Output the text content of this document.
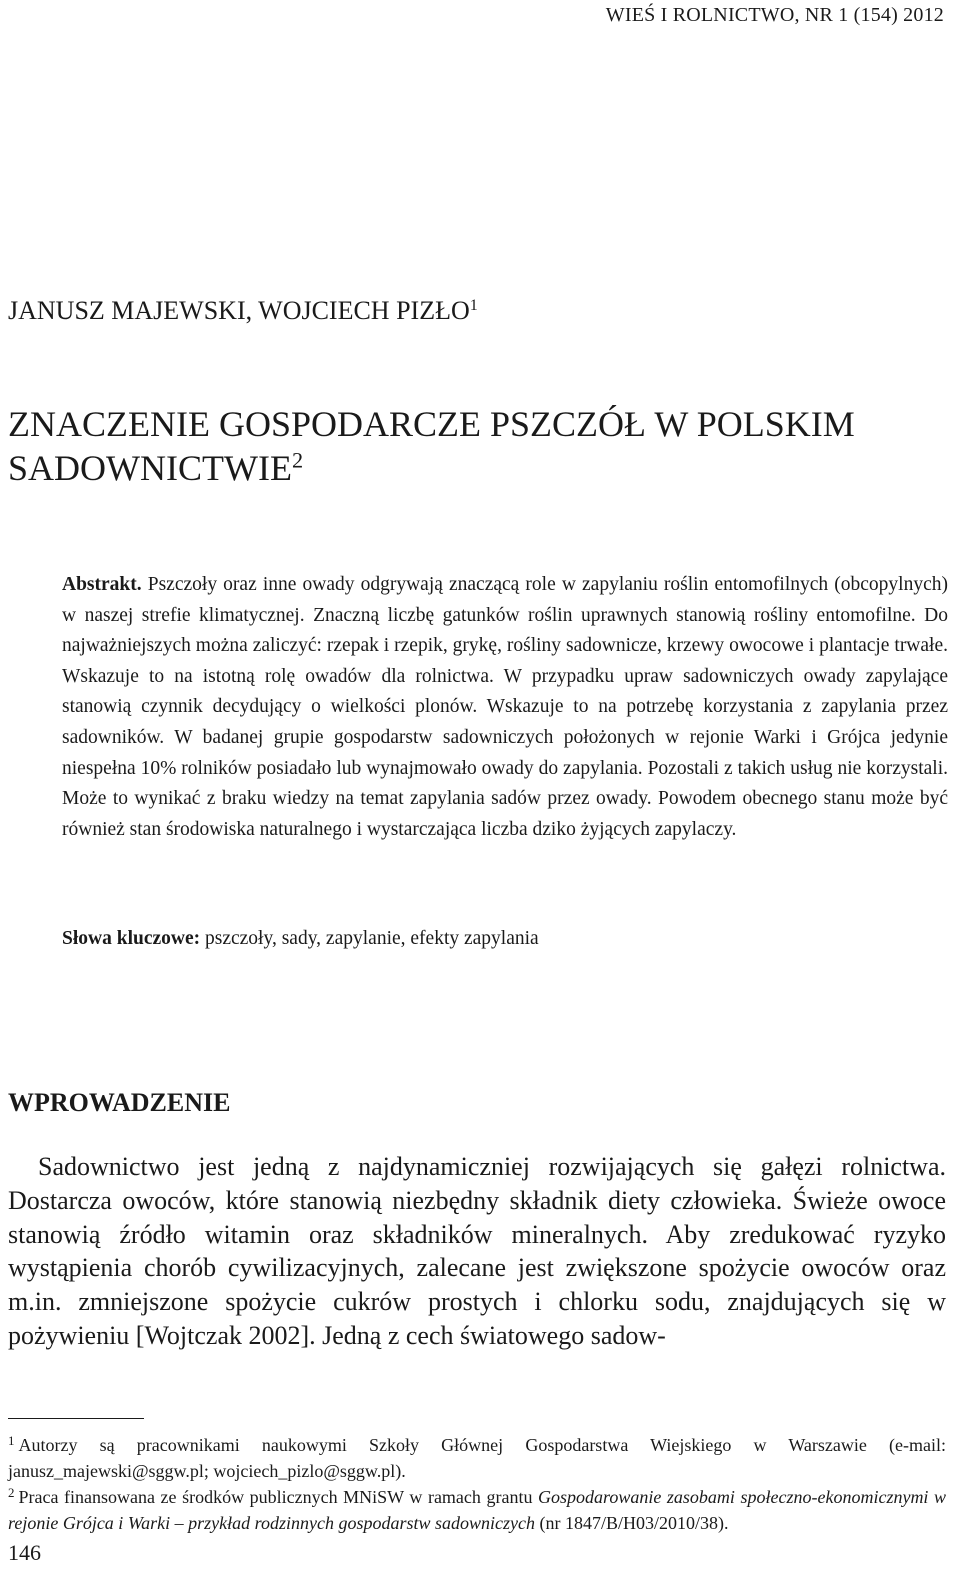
WIEŚ I ROLNICTWO, NR 1 (154) 2012
JANUSZ MAJEWSKI, WOJCIECH PIZŁO$^1$
ZNACZENIE GOSPODARCZE PSZCZÓŁ W POLSKIM SADOWNICTWIE$^2$

Abstrakt. Pszczoły oraz inne owady odgrywają znaczącą role w zapylaniu roślin entomofilnych (obcopylnych) w naszej strefie klimatycznej. Znaczną liczbę gatunków roślin uprawnych stanowią rośliny entomofilne. Do najważniejszych można zaliczyć: rzepak i rzepik, grykę, rośliny sadownicze, krzewy owocowe i plantacje trwałe. Wskazuje to na istotną rolę owadów dla rolnictwa. W przypadku upraw sadowniczych owady zapylające stanowią czynnik decydujący o wielkości plonów. Wskazuje to na potrzebę korzystania z zapylania przez sadowników. W badanej grupie gospodarstw sadowniczych położonych w rejonie Warki i Grójca jedynie niespełna 10% rolników posiadało lub wynajmowało owady do zapylania. Pozostali z takich usług nie korzystali. Może to wynikać z braku wiedzy na temat zapylania sadów przez owady. Powodem obecnego stanu może być również stan środowiska naturalnego i wystarczająca liczba dziko żyjących zapylaczy.

Słowa kluczowe: pszczoły, sady, zapylanie, efekty zapylania

WPROWADZENIE

Sadownictwo jest jedną z najdynamiczniej rozwijających się gałęzi rolnictwa. Dostarcza owoców, które stanowią niezbędny składnik diety człowieka. Świeże owoce stanowią źródło witamin oraz składników mineralnych. Aby zredukować ryzyko wystąpienia chorób cywilizacyjnych, zalecane jest zwiększone spożycie owoców oraz m.in. zmniejszone spożycie cukrów prostych i chlorku sodu, znajdujących się w pożywieniu [Wojtczak 2002]. Jedną z cech światowego sadow-

$^1$ Autorzy są pracownikami naukowymi Szkoły Głównej Gospodarstwa Wiejskiego w Warszawie (e-mail: janusz_majewski@sggw.pl; wojciech_pizlo@sggw.pl).

$^2$ Praca finansowana ze środków publicznych MNiSW w ramach grantu Gospodarowanie zasobami społeczno-ekonomicznymi w rejonie Grójca i Warki – przykład rodzinnych gospodarstw sadowniczych (nr 1847/B/H03/2010/38).

146
